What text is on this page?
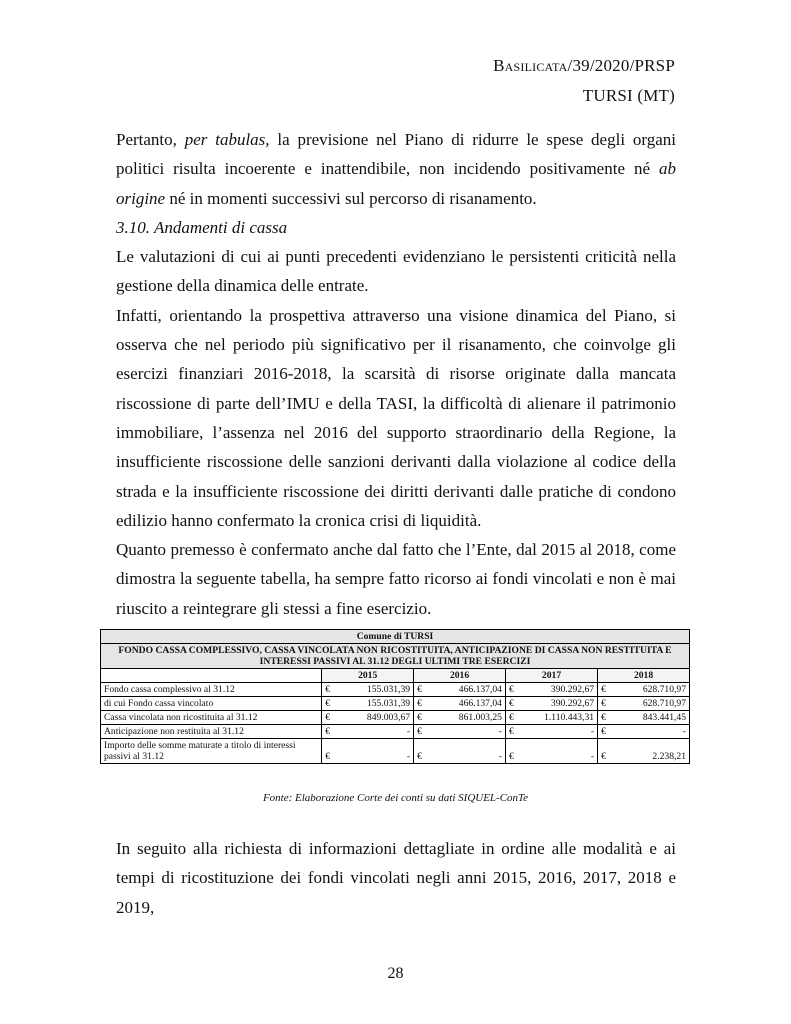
Basilicata/39/2020/PRSP
TURSI (MT)

Pertanto, per tabulas, la previsione nel Piano di ridurre le spese degli organi politici risulta incoerente e inattendibile, non incidendo positivamente né ab origine né in momenti successivi sul percorso di risanamento.

3.10. Andamenti di cassa

Le valutazioni di cui ai punti precedenti evidenziano le persistenti criticità nella gestione della dinamica delle entrate.

Infatti, orientando la prospettiva attraverso una visione dinamica del Piano, si osserva che nel periodo più significativo per il risanamento, che coinvolge gli esercizi finanziari 2016-2018, la scarsità di risorse originate dalla mancata riscossione di parte dell’IMU e della TASI, la difficoltà di alienare il patrimonio immobiliare, l’assenza nel 2016 del supporto straordinario della Regione, la insufficiente riscossione delle sanzioni derivanti dalla violazione al codice della strada e la insufficiente riscossione dei diritti derivanti dalle pratiche di condono edilizio hanno confermato la cronica crisi di liquidità.

Quanto premesso è confermato anche dal fatto che l’Ente, dal 2015 al 2018, come dimostra la seguente tabella, ha sempre fatto ricorso ai fondi vincolati e non è mai riuscito a reintegrare gli stessi a fine esercizio.

Comune di TURSI								
FONDO CASSA COMPLESSIVO, CASSA VINCOLATA NON RICOSTITUITA, ANTICIPAZIONE DI CASSA NON RESTITUITA E INTERESSI PASSIVI AL 31.12 DEGLI ULTIMI TRE ESERCIZI								
	2015		2016		2017		2018	
Fondo cassa complessivo al 31.12	€	155.031,39	€	466.137,04	€	390.292,67	€	628.710,97
di cui Fondo cassa vincolato	€	155.031,39	€	466.137,04	€	390.292,67	€	628.710,97
Cassa vincolata non ricostituita al 31.12	€	849.003,67	€	861.003,25	€	1.110.443,31	€	843.441,45
Anticipazione non restituita al 31.12	€	-	€	-	€	-	€	-
Importo delle somme maturate a titolo di interessi passivi al 31.12	€	-	€	-	€	-	€	2.238,21
Fonte: Elaborazione Corte dei conti su dati SIQUEL-ConTe

In seguito alla richiesta di informazioni dettagliate in ordine alle modalità e ai tempi di ricostituzione dei fondi vincolati negli anni 2015, 2016, 2017, 2018 e 2019,

28
